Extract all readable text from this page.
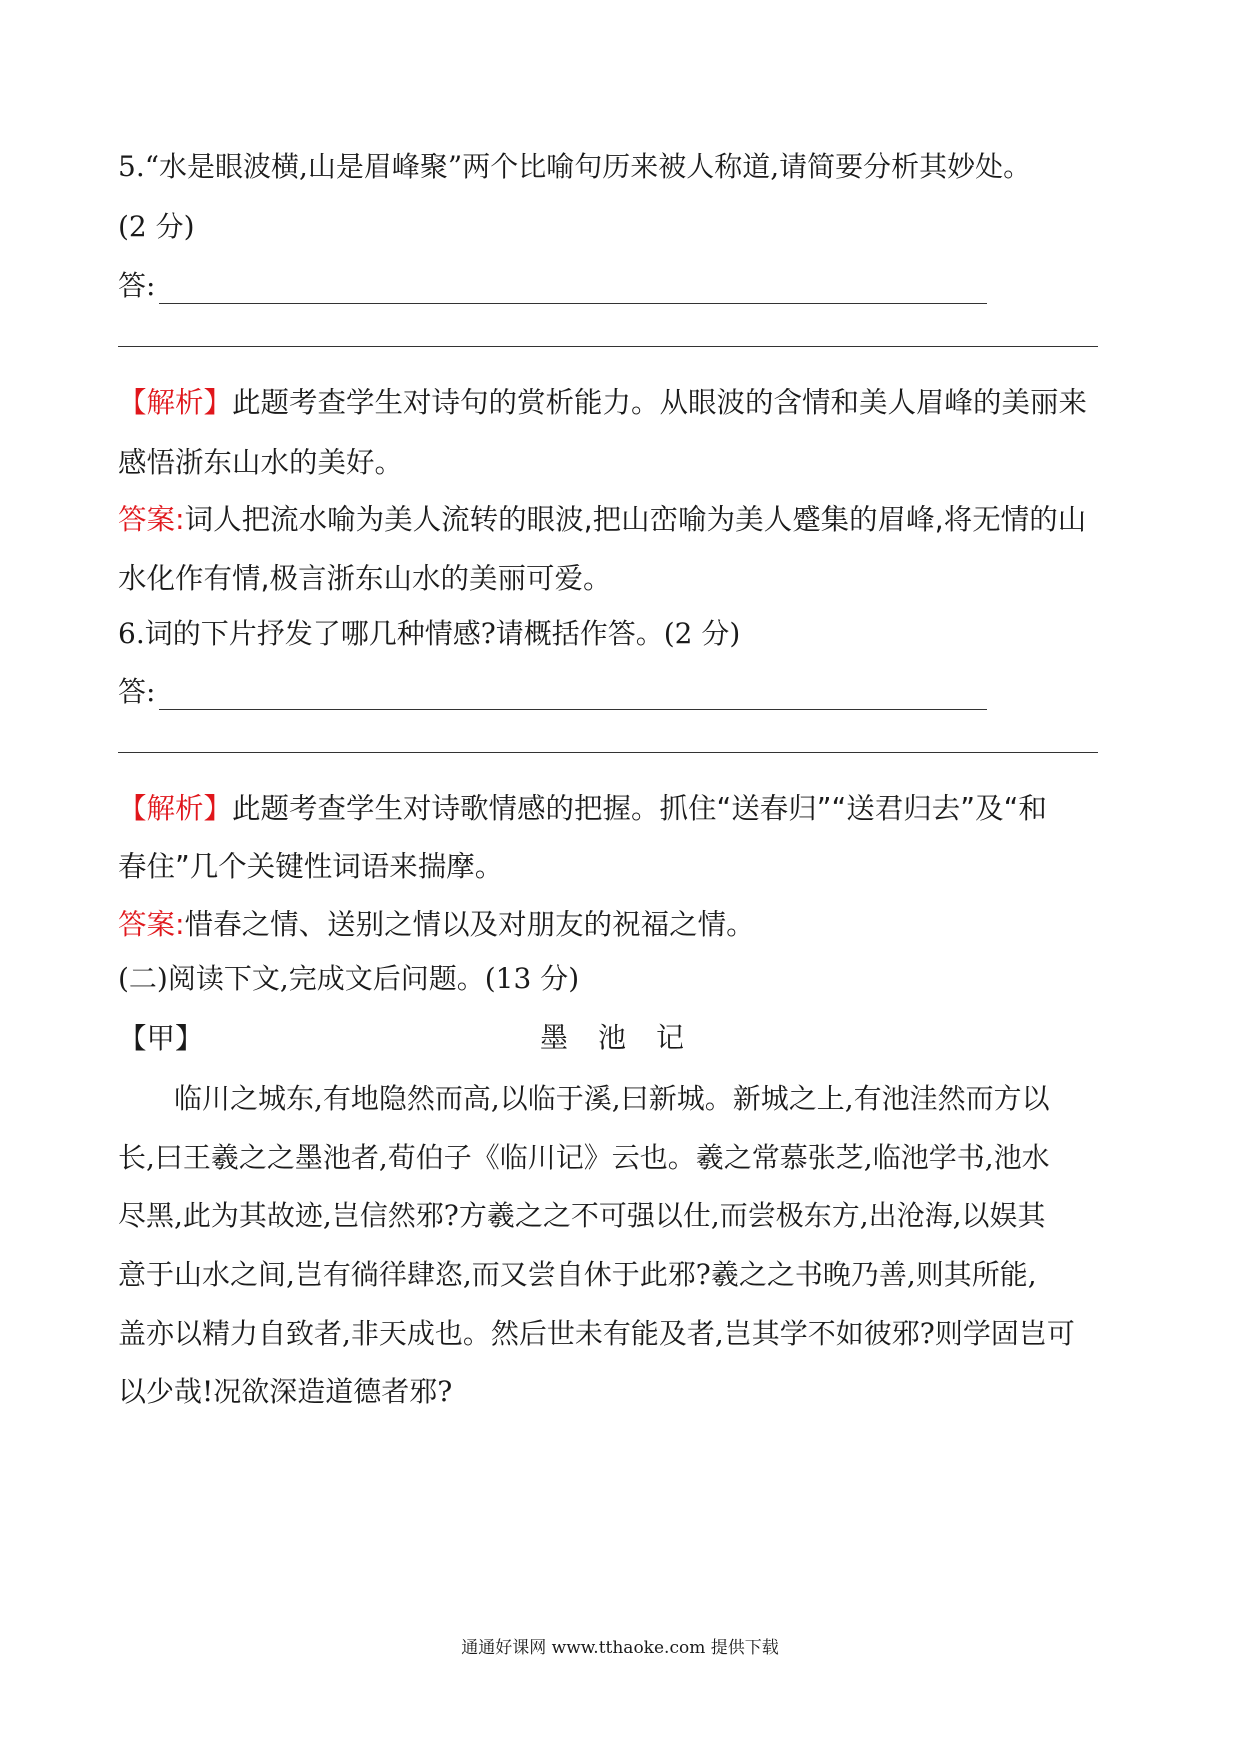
5.“水是眼波横,山是眉峰聚”两个比喻句历来被人称道,请简要分析其妙处。
(2 分)
答:
【解析】此题考查学生对诗句的赏析能力。从眼波的含情和美人眉峰的美丽来
感悟浙东山水的美好。
答案:词人把流水喻为美人流转的眼波,把山峦喻为美人蹙集的眉峰,将无情的山
水化作有情,极言浙东山水的美丽可爱。
6.词的下片抒发了哪几种情感?请概括作答。(2 分)
答:
【解析】此题考查学生对诗歌情感的把握。抓住“送春归”“送君归去”及“和
春住”几个关键性词语来揣摩。
答案:惜春之情、送别之情以及对朋友的祝福之情。
(二)阅读下文,完成文后问题。(13 分)
【甲】	墨池记
临川之城东,有地隐然而高,以临于溪,曰新城。新城之上,有池洼然而方以
长,曰王羲之之墨池者,荀伯子《临川记》云也。羲之常慕张芝,临池学书,池水
尽黑,此为其故迹,岂信然邪?方羲之之不可强以仕,而尝极东方,出沧海,以娱其
意于山水之间,岂有徜徉肆恣,而又尝自休于此邪?羲之之书晚乃善,则其所能,
盖亦以精力自致者,非天成也。然后世未有能及者,岂其学不如彼邪?则学固岂可
以少哉!况欲深造道德者邪?
通通好课网 www.tthaoke.com 提供下载
